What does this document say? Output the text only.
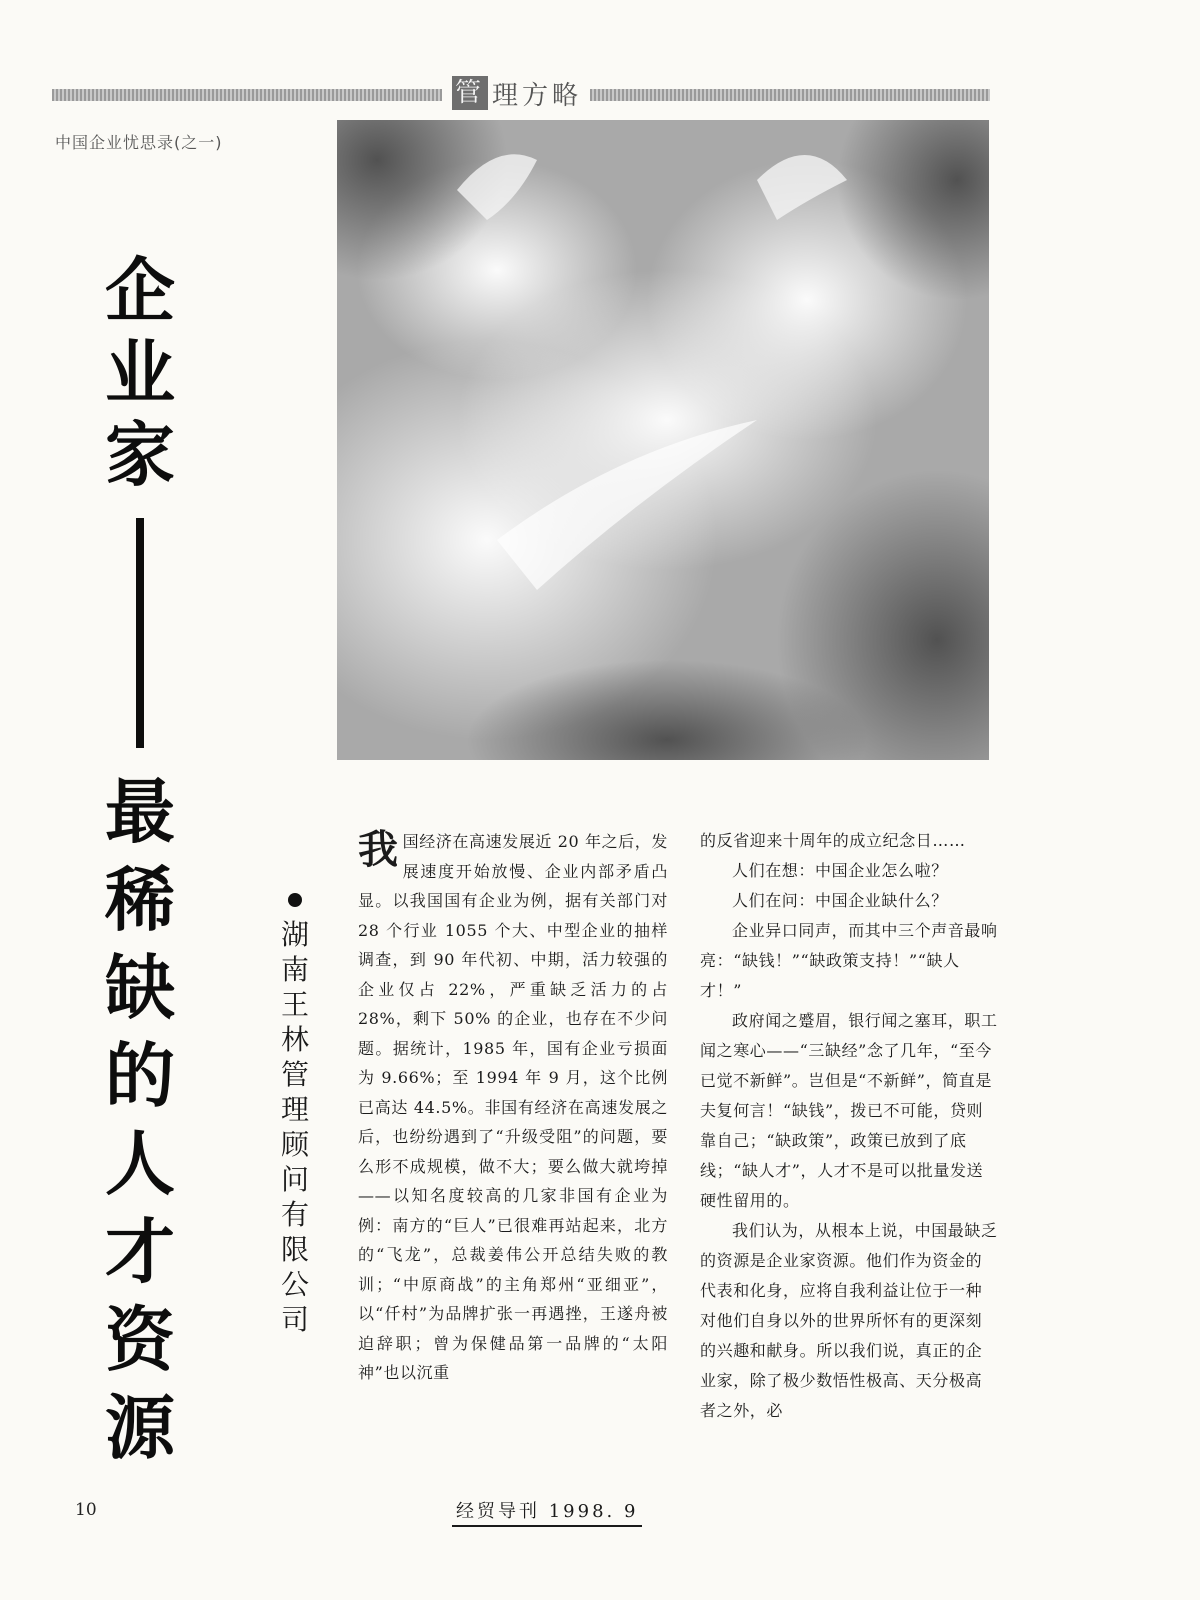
管 理方略
中国企业忧思录(之一)
企
业
家
最
稀
缺
的
人
才
资
源
湖
南
王
林
管
理
顾
问
有
限
公
司
我 国经济在高速发展近 20 年之后，发展速度开始放慢、企业内部矛盾凸显。以我国国有企业为例，据有关部门对 28 个行业 1055 个大、中型企业的抽样调查，到 90 年代初、中期，活力较强的企业仅占 22%，严重缺乏活力的占 28%，剩下 50% 的企业，也存在不少问题。据统计，1985 年，国有企业亏损面为 9.66%；至 1994 年 9 月，这个比例已高达 44.5%。非国有经济在高速发展之后，也纷纷遇到了“升级受阻”的问题，要么形不成规模，做不大；要么做大就垮掉——以知名度较高的几家非国有企业为例：南方的“巨人”已很难再站起来，北方的“飞龙”，总裁姜伟公开总结失败的教训；“中原商战”的主角郑州“亚细亚”，以“仟村”为品牌扩张一再遇挫，王遂舟被迫辞职；曾为保健品第一品牌的“太阳神”也以沉重

的反省迎来十周年的成立纪念日……

人们在想：中国企业怎么啦？

人们在问：中国企业缺什么？

企业异口同声，而其中三个声音最响亮：“缺钱！”“缺政策支持！”“缺人才！”

政府闻之蹙眉，银行闻之塞耳，职工闻之寒心——“三缺经”念了几年，“至今已觉不新鲜”。岂但是“不新鲜”，简直是夫复何言！“缺钱”，拨已不可能，贷则靠自己；“缺政策”，政策已放到了底线；“缺人才”，人才不是可以批量发送硬性留用的。

我们认为，从根本上说，中国最缺乏的资源是企业家资源。他们作为资金的代表和化身，应将自我利益让位于一种对他们自身以外的世界所怀有的更深刻的兴趣和献身。所以我们说，真正的企业家，除了极少数悟性极高、天分极高者之外，必

10	经贸导刊 1998. 9
